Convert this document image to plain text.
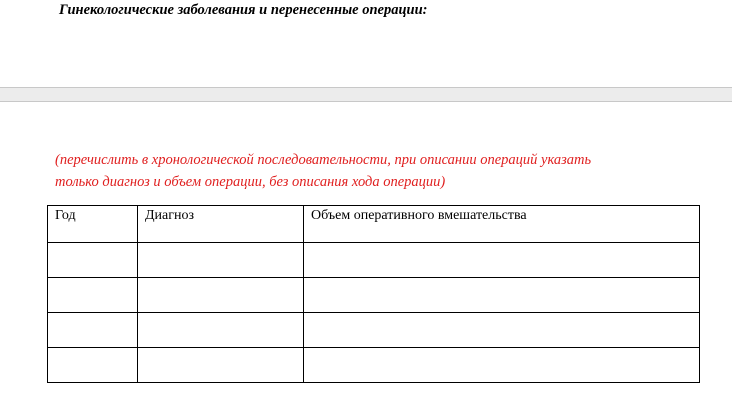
Гинекологические заболевания и перенесенные операции:
(перечислить в хронологической последовательности, при описании операций указать
только диагноз и объем операции, без описания хода операции)
Год	Диагноз	Объем оперативного вмешательства
